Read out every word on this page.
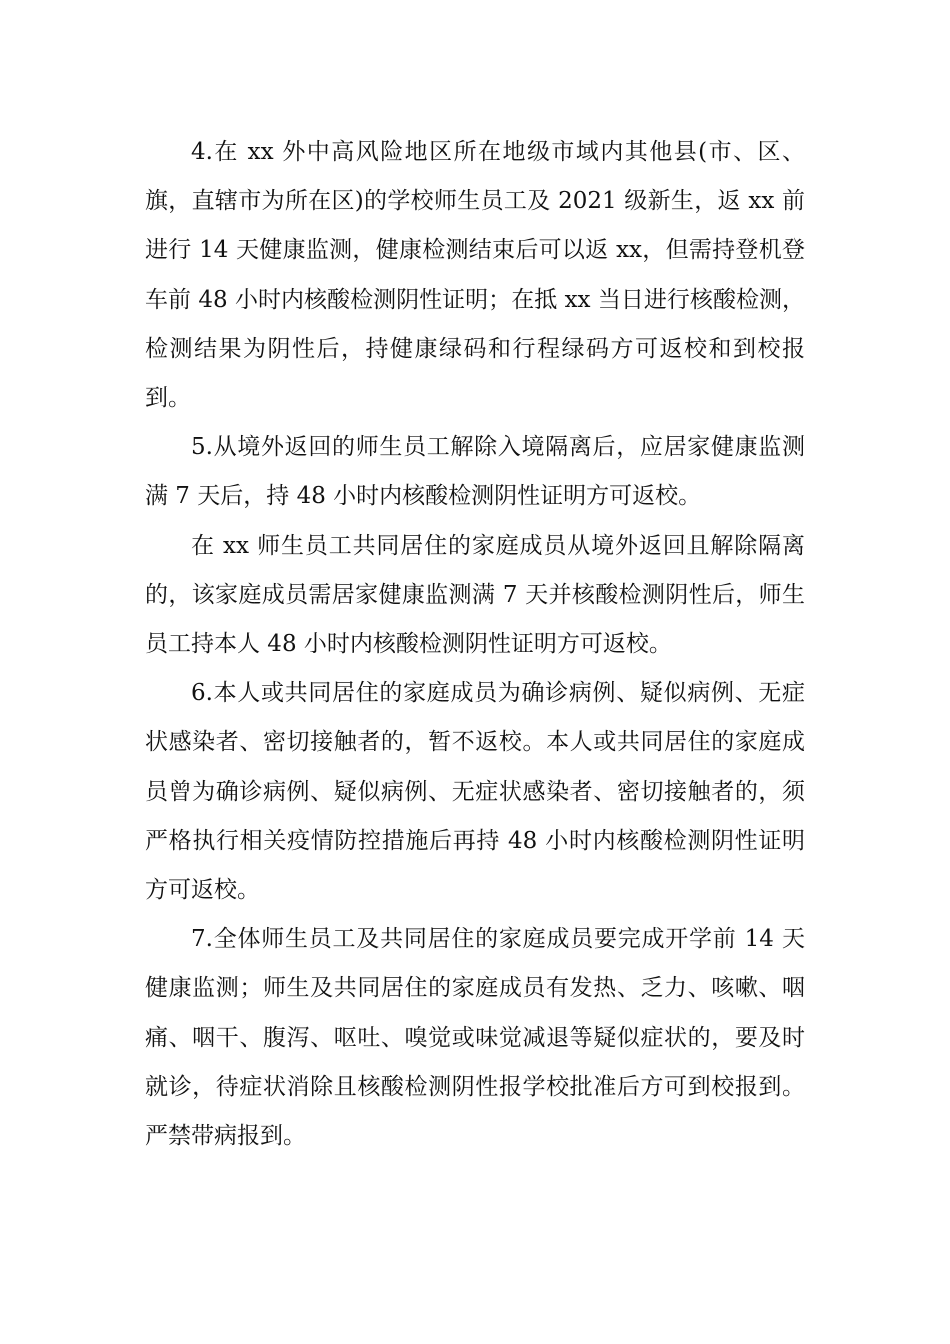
4.在 xx 外中高风险地区所在地级市域内其他县(市、区、旗，直辖市为所在区)的学校师生员工及 2021 级新生，返 xx 前进行 14 天健康监测，健康检测结束后可以返 xx，但需持登机登车前 48 小时内核酸检测阴性证明；在抵 xx 当日进行核酸检测，检测结果为阴性后，持健康绿码和行程绿码方可返校和到校报到。

5.从境外返回的师生员工解除入境隔离后，应居家健康监测满 7 天后，持 48 小时内核酸检测阴性证明方可返校。

在 xx 师生员工共同居住的家庭成员从境外返回且解除隔离的，该家庭成员需居家健康监测满 7 天并核酸检测阴性后，师生员工持本人 48 小时内核酸检测阴性证明方可返校。

6.本人或共同居住的家庭成员为确诊病例、疑似病例、无症状感染者、密切接触者的，暂不返校。本人或共同居住的家庭成员曾为确诊病例、疑似病例、无症状感染者、密切接触者的，须严格执行相关疫情防控措施后再持 48 小时内核酸检测阴性证明方可返校。

7.全体师生员工及共同居住的家庭成员要完成开学前 14 天健康监测；师生及共同居住的家庭成员有发热、乏力、咳嗽、咽痛、咽干、腹泻、呕吐、嗅觉或味觉减退等疑似症状的，要及时就诊，待症状消除且核酸检测阴性报学校批准后方可到校报到。严禁带病报到。
